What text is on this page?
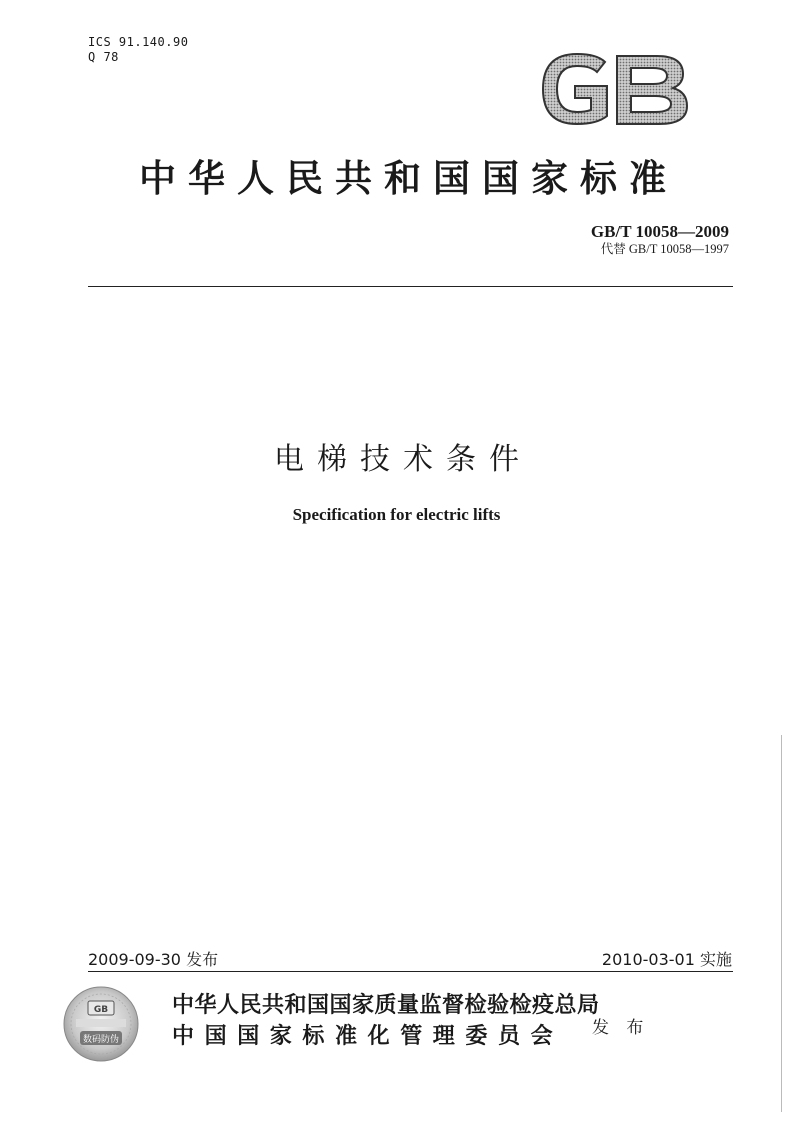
ICS 91.140.90
Q 78
中华人民共和国国家标准
GB/T 10058—2009
代替 GB/T 10058—1997
电梯技术条件
Specification for electric lifts
2009-09-30 发布	2010-03-01 实施
GB
数码防伪
中华人民共和国国家质量监督检验检疫总局
中国国家标准化管理委员会	发 布
